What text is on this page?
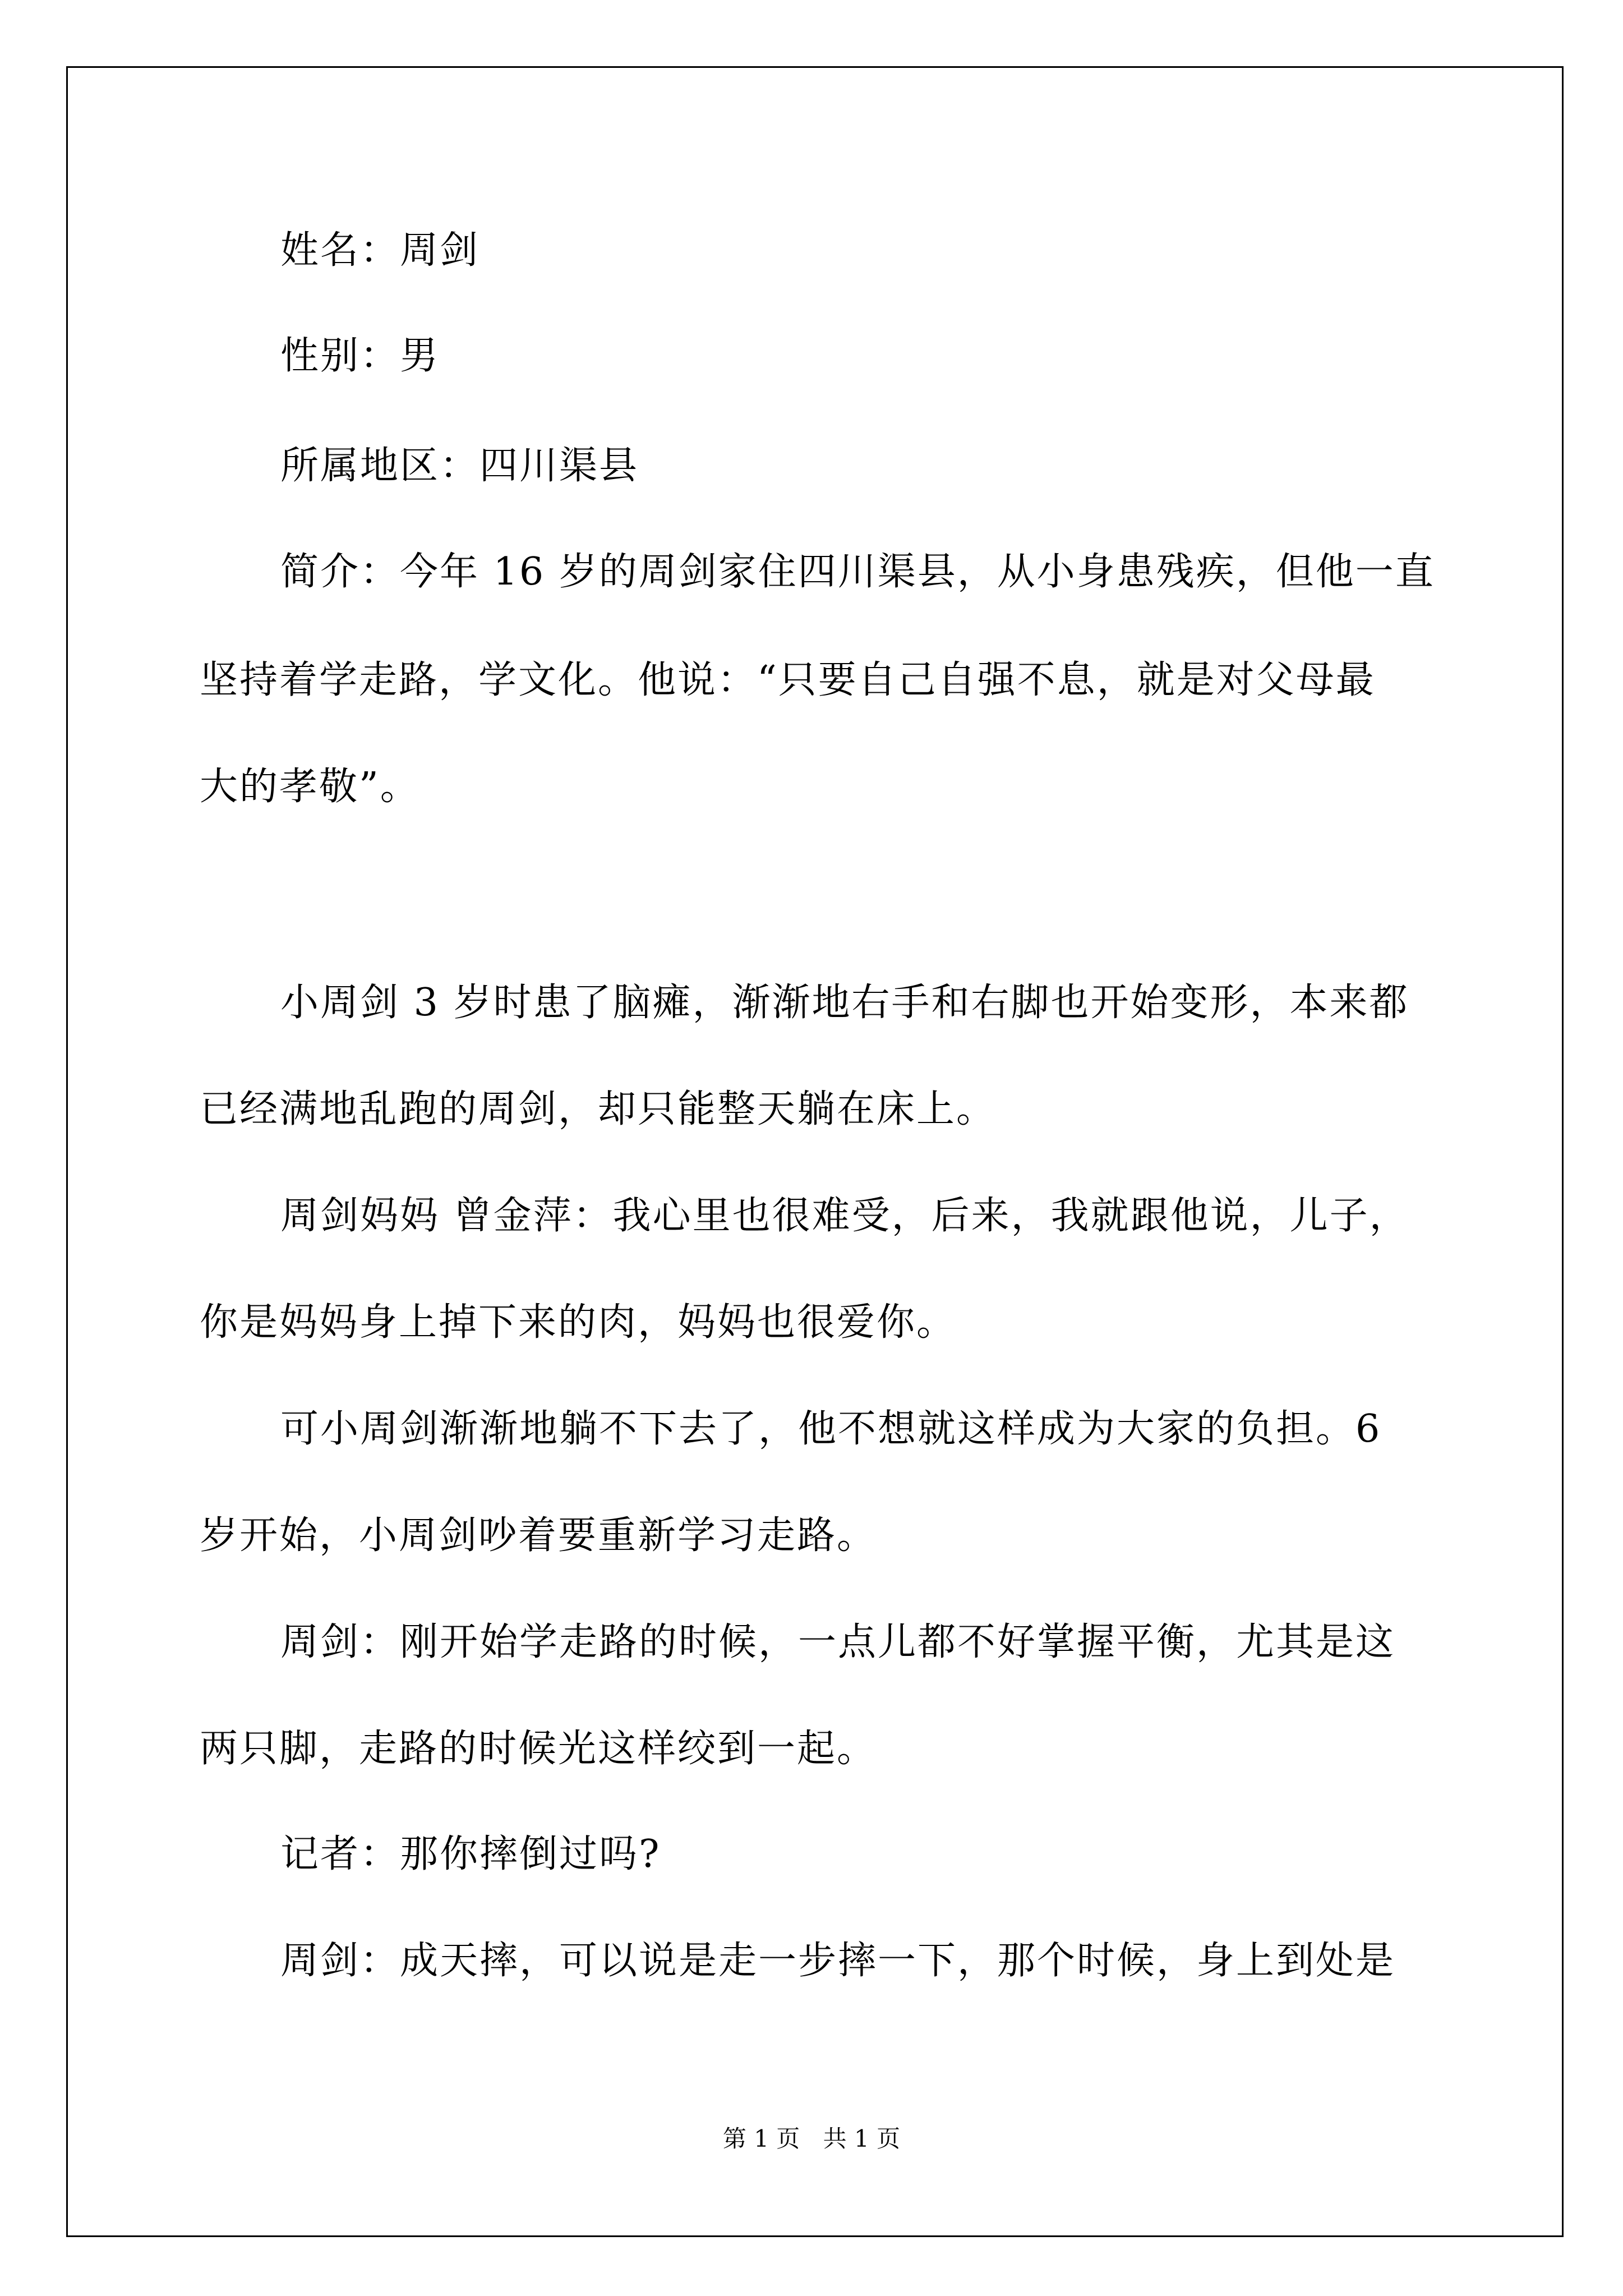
姓名：周剑
性别：男
所属地区：四川渠县
简介：今年 16 岁的周剑家住四川渠县，从小身患残疾，但他一直
坚持着学走路，学文化。他说：“只要自己自强不息，就是对父母最
大的孝敬”。
小周剑 3 岁时患了脑瘫，渐渐地右手和右脚也开始变形，本来都
已经满地乱跑的周剑，却只能整天躺在床上。
周剑妈妈 曾金萍：我心里也很难受，后来，我就跟他说，儿子，
你是妈妈身上掉下来的肉，妈妈也很爱你。
可小周剑渐渐地躺不下去了，他不想就这样成为大家的负担。6
岁开始，小周剑吵着要重新学习走路。
周剑：刚开始学走路的时候，一点儿都不好掌握平衡，尤其是这
两只脚，走路的时候光这样绞到一起。
记者：那你摔倒过吗?
周剑：成天摔，可以说是走一步摔一下，那个时候，身上到处是
第 1 页 共 1 页
